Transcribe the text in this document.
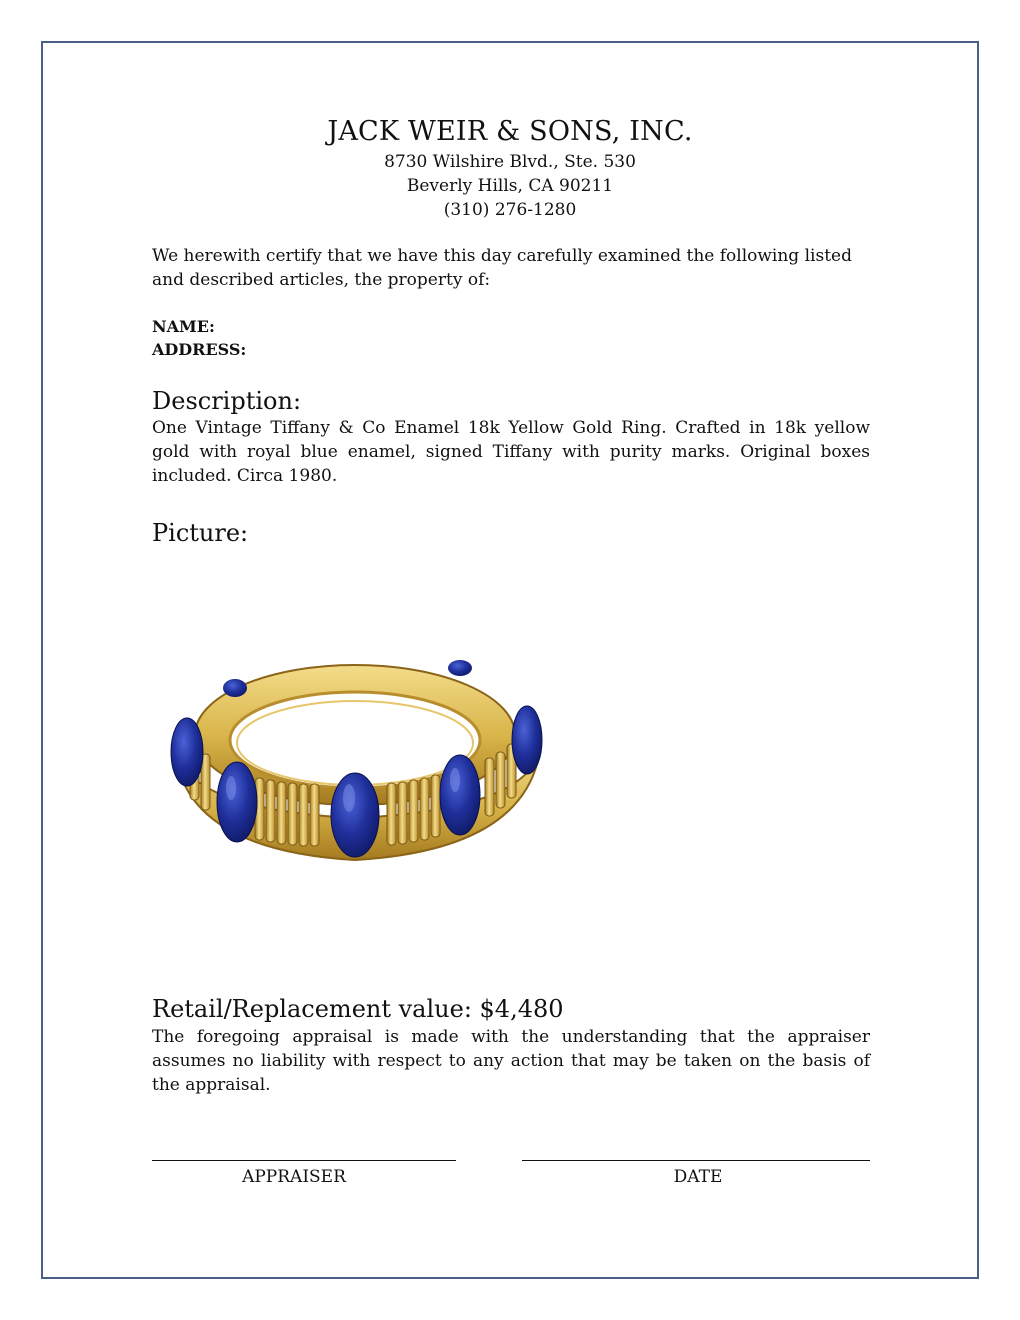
JACK WEIR & SONS, INC.
8730 Wilshire Blvd., Ste. 530
Beverly Hills, CA 90211
(310) 276-1280
We herewith certify that we have this day carefully examined the following listed and described articles, the property of:
NAME:
ADDRESS:
Description:
One Vintage Tiffany & Co Enamel 18k Yellow Gold Ring. Crafted in 18k yellow gold with royal blue enamel, signed Tiffany with purity marks. Original boxes included. Circa 1980.
Picture:
Retail/Replacement value: $4,480
The foregoing appraisal is made with the understanding that the appraiser assumes no liability with respect to any action that may be taken on the basis of the appraisal.
APPRAISER	DATE
